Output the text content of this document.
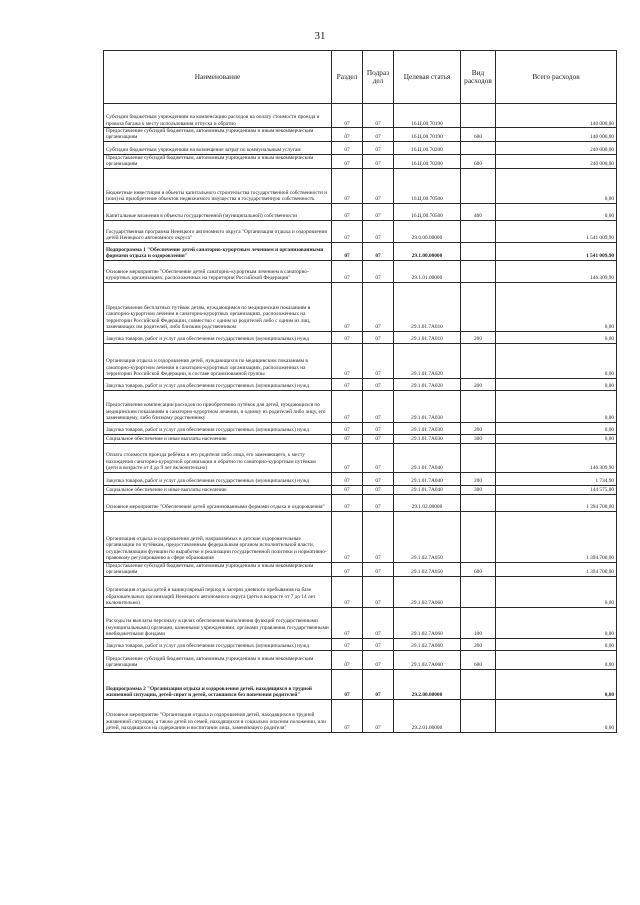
31
Наименование	Раздел	Подраз дел	Целевая статья	Вид расходов	Всего расходов
Субсидии бюджетным учреждениям на компенсацию расходов на оплату стоимости проезда и провоза багажа к месту использования отпуска и обратно	07	07	16.Ц.00.70190		140 000,00
Предоставление субсидий бюджетным, автономным учреждениям и иным некоммерческим организациям	07	07	16.Ц.00.70190	600	140 000,00
Субсидии бюджетным учреждениям на возмещение затрат по коммунальным услугам	07	07	16.Ц.00.70200		240 000,00
Предоставление субсидий бюджетным, автономным учреждениям и иным некоммерческим организациям	07	07	16.Ц.00.70200	600	240 000,00
Бюджетные инвестиции в объекты капитального строительства государственной собственности и (или) на приобретение объектов недвижимого имущества в государственную собственность	07	07	16.Ц.00.70500		0,00
Капитальные вложения в объекты государственной (муниципальной) собственности	07	07	16.Ц.00.70500	400	0,00
Государственная программа Ненецкого автономного округа "Организация отдыха и оздоровления детей Ненецкого автономного округа"	07	07	29.0.00.00000		1 541 009,90
Подпрограмма 1 "Обеспечение детей санаторно-курортным лечением и организованными формами отдыха и оздоровления"	07	07	29.1.00.00000		1 541 009,90
Основное мероприятие "Обеспечение детей санаторно-курортным лечением в санаторно-курортных организациях, расположенных на территории Российской Федерации"	07	07	29.1.01.00000		146 309,90
Предоставление бесплатных путёвок детям, нуждающимся по медицинским показаниям в санаторно-курортном лечении в санаторно-курортных организациях, расположенных на территории Российской Федерации, совместно с одним из родителей либо с одним из лиц, заменяющих им родителей, либо близким родственником	07	07	29.1.01.7А010		0,00
Закупка товаров, работ и услуг для обеспечения государственных (муниципальных) нужд	07	07	29.1.01.7А010	200	0,00
Организация отдыха и оздоровления детей, нуждающихся по медицинским показаниям в санаторно-курортном лечении в санаторно-курортных организациях, расположенных на территории Российской Федерации, в составе организованной группы	07	07	29.1.01.7А020		0,00
Закупка товаров, работ и услуг для обеспечения государственных (муниципальных) нужд	07	07	29.1.01.7А020	200	0,00
Предоставление компенсации расходов по приобретению путёвок для детей, нуждающихся по медицинским показаниям в санаторно-курортном лечении, и одному из родителей либо лицу, его заменяющему, либо близкому родственнику	07	07	29.1.01.7А030		0,00
Закупка товаров, работ и услуг для обеспечения государственных (муниципальных) нужд	07	07	29.1.01.7А030	200	0,00
Социальное обеспечение и иные выплаты населению	07	07	29.1.01.7А030	300	0,00
Оплата стоимости проезда ребёнка и его родителя либо лица, его заменяющего, к месту нахождения санаторно-курортной организации и обратно по санаторно-курортным путёвкам (дети в возрасте от 4 до 9 лет включительно)	07	07	29.1.01.7А040		146 309,90
Закупка товаров, работ и услуг для обеспечения государственных (муниципальных) нужд	07	07	29.1.01.7А040	200	1 734,90
Социальное обеспечение и иные выплаты населению	07	07	29.1.01.7А040	300	144 575,00
Основное мероприятие "Обеспечение детей организованными формами отдыха и оздоровления"	07	07	29.1.02.00000		1 394 700,00
Организация отдыха и оздоровления детей, направляемых в детские оздоровительные организации по путёвкам, предоставленным федеральным органом исполнительной власти, осуществляющим функции по выработке и реализации государственной политики и нормативно-правовому регулированию в сфере образования	07	07	29.1.02.7А050		1 394 700,00
Предоставление субсидий бюджетным, автономным учреждениям и иным некоммерческим организациям	07	07	29.1.02.7А050	600	1 394 700,00
Организация отдыха детей в каникулярный период в лагерях дневного пребывания на базе образовательных организаций Ненецкого автономного округа (дети в возрасте от 7 до 14 лет включительно)	07	07	29.1.02.7А060		0,00
Расходы на выплаты персоналу в целях обеспечения выполнения функций государственными (муниципальными) органами, казенными учреждениями, органами управления государственными внебюджетными фондами	07	07	29.1.02.7А060	100	0,00
Закупка товаров, работ и услуг для обеспечения государственных (муниципальных) нужд	07	07	29.1.02.7А060	200	0,00
Предоставление субсидий бюджетным, автономным учреждениям и иным некоммерческим организациям	07	07	29.1.02.7А060	600	0,00
Подпрограмма 2 "Организация отдыха и оздоровления детей, находящихся в трудной жизненной ситуации, детей-сирот и детей, оставшихся без попечения родителей"	07	07	29.2.00.00000		0,00
Основное мероприятие "Организация отдыха и оздоровления детей, находящихся в трудной жизненной ситуации, а также детей из семей, находящихся в социально опасном положении, или детей, находящихся на содержании и воспитании лица, заменяющего родителя"	07	07	29.2.01.00000		0,00
